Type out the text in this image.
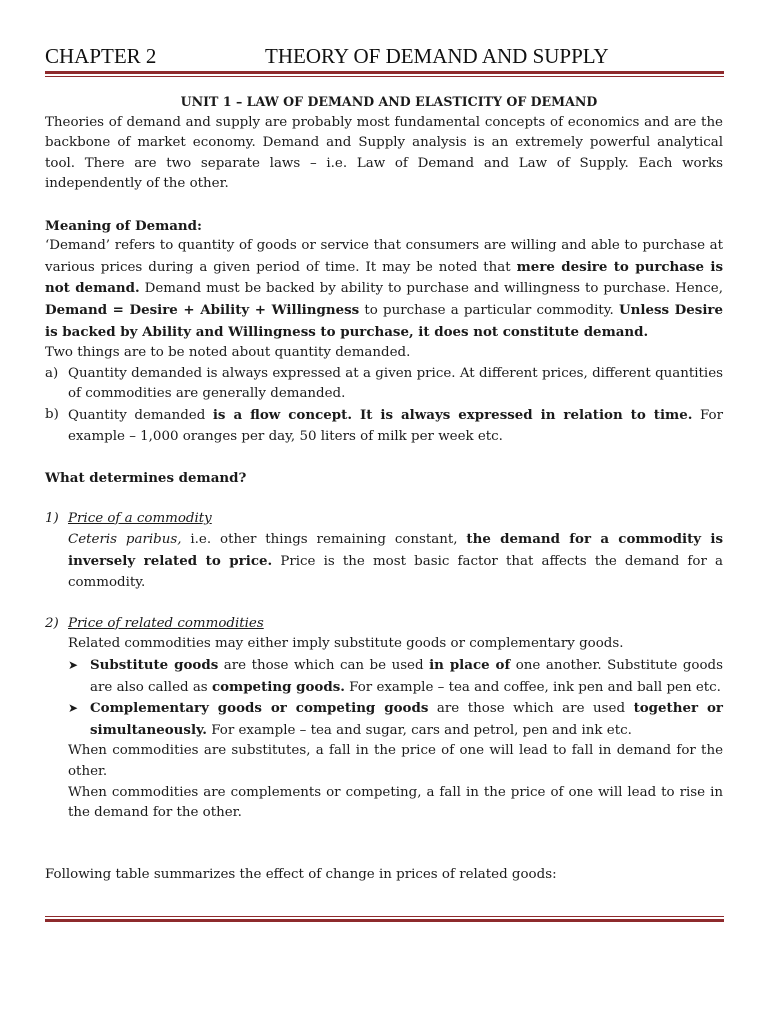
CHAPTER 2	THEORY OF DEMAND AND SUPPLY

UNIT 1 – LAW OF DEMAND AND ELASTICITY OF DEMAND

Theories of demand and supply are probably most fundamental concepts of economics and are the backbone of market economy. Demand and Supply analysis is an extremely powerful analytical tool. There are two separate laws – i.e. Law of Demand and Law of Supply. Each works independently of the other.

Meaning of Demand:

‘Demand’ refers to quantity of goods or service that consumers are willing and able to purchase at various prices during a given period of time. It may be noted that mere desire to purchase is not demand. Demand must be backed by ability to purchase and willingness to purchase. Hence, Demand = Desire + Ability + Willingness to purchase a particular commodity. Unless Desire is backed by Ability and Willingness to purchase, it does not constitute demand.

Two things are to be noted about quantity demanded.

a) Quantity demanded is always expressed at a given price. At different prices, different quantities of commodities are generally demanded.
b) Quantity demanded is a flow concept. It is always expressed in relation to time. For example – 1,000 oranges per day, 50 liters of milk per week etc.

What determines demand?

1) Price of a commodity

Ceteris paribus, i.e. other things remaining constant, the demand for a commodity is inversely related to price. Price is the most basic factor that affects the demand for a commodity.

2) Price of related commodities

Related commodities may either imply substitute goods or complementary goods.

➤ Substitute goods are those which can be used in place of one another. Substitute goods are also called as competing goods. For example – tea and coffee, ink pen and ball pen etc.
➤ Complementary goods or competing goods are those which are used together or simultaneously. For example – tea and sugar, cars and petrol, pen and ink etc.

When commodities are substitutes, a fall in the price of one will lead to fall in demand for the other.

When commodities are complements or competing, a fall in the price of one will lead to rise in the demand for the other.

Following table summarizes the effect of change in prices of related goods:
